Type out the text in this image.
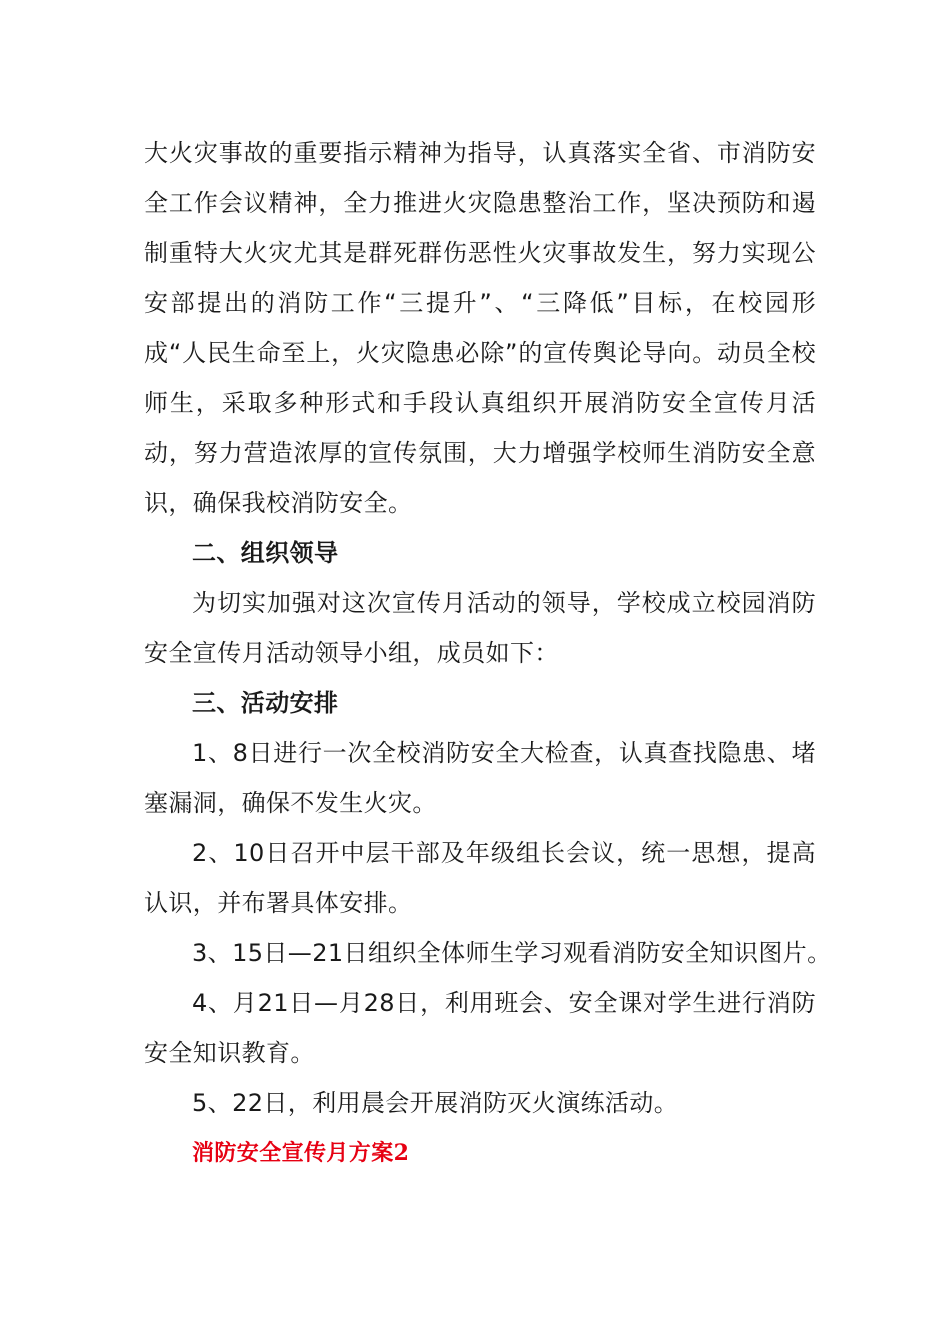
大火灾事故的重要指示精神为指导，认真落实全省、市消防安全工作会议精神，全力推进火灾隐患整治工作，坚决预防和遏制重特大火灾尤其是群死群伤恶性火灾事故发生，努力实现公安部提出的消防工作“三提升”、“三降低”目标，在校园形成“人民生命至上，火灾隐患必除”的宣传舆论导向。动员全校师生，采取多种形式和手段认真组织开展消防安全宣传月活动，努力营造浓厚的宣传氛围，大力增强学校师生消防安全意识，确保我校消防安全。

二、组织领导

为切实加强对这次宣传月活动的领导，学校成立校园消防安全宣传月活动领导小组，成员如下：

三、活动安排

1、8日进行一次全校消防安全大检查，认真查找隐患、堵塞漏洞，确保不发生火灾。

2、10日召开中层干部及年级组长会议，统一思想，提高认识，并布署具体安排。

3、15日—21日组织全体师生学习观看消防安全知识图片。

4、月21日—月28日，利用班会、安全课对学生进行消防安全知识教育。

5、22日，利用晨会开展消防灭火演练活动。

消防安全宣传月方案2
